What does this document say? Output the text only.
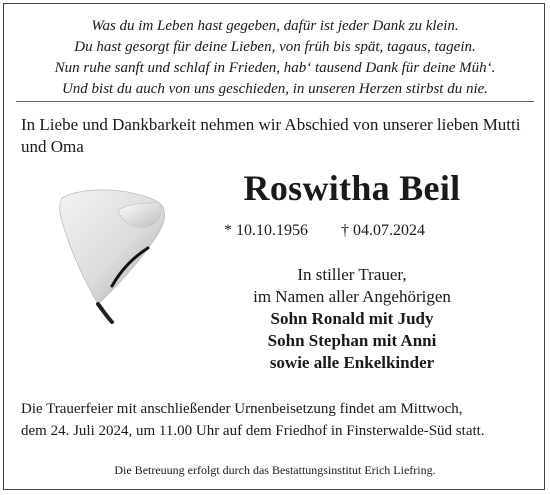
Was du im Leben hast gegeben, dafür ist jeder Dank zu klein.
Du hast gesorgt für deine Lieben, von früh bis spät, tagaus, tagein.
Nun ruhe sanft und schlaf in Frieden, hab‘ tausend Dank für deine Müh‘.
Und bist du auch von uns geschieden, in unseren Herzen stirbst du nie.
In Liebe und Dankbarkeit nehmen wir Abschied von unserer lieben Mutti und Oma
Roswitha Beil
* 10.10.1956 † 04.07.2024
In stiller Trauer,
im Namen aller Angehörigen
Sohn Ronald mit Judy
Sohn Stephan mit Anni
sowie alle Enkelkinder
Die Trauerfeier mit anschließender Urnenbeisetzung findet am Mittwoch,
dem 24. Juli 2024, um 11.00 Uhr auf dem Friedhof in Finsterwalde-Süd statt.
Die Betreuung erfolgt durch das Bestattungsinstitut Erich Liefring.
